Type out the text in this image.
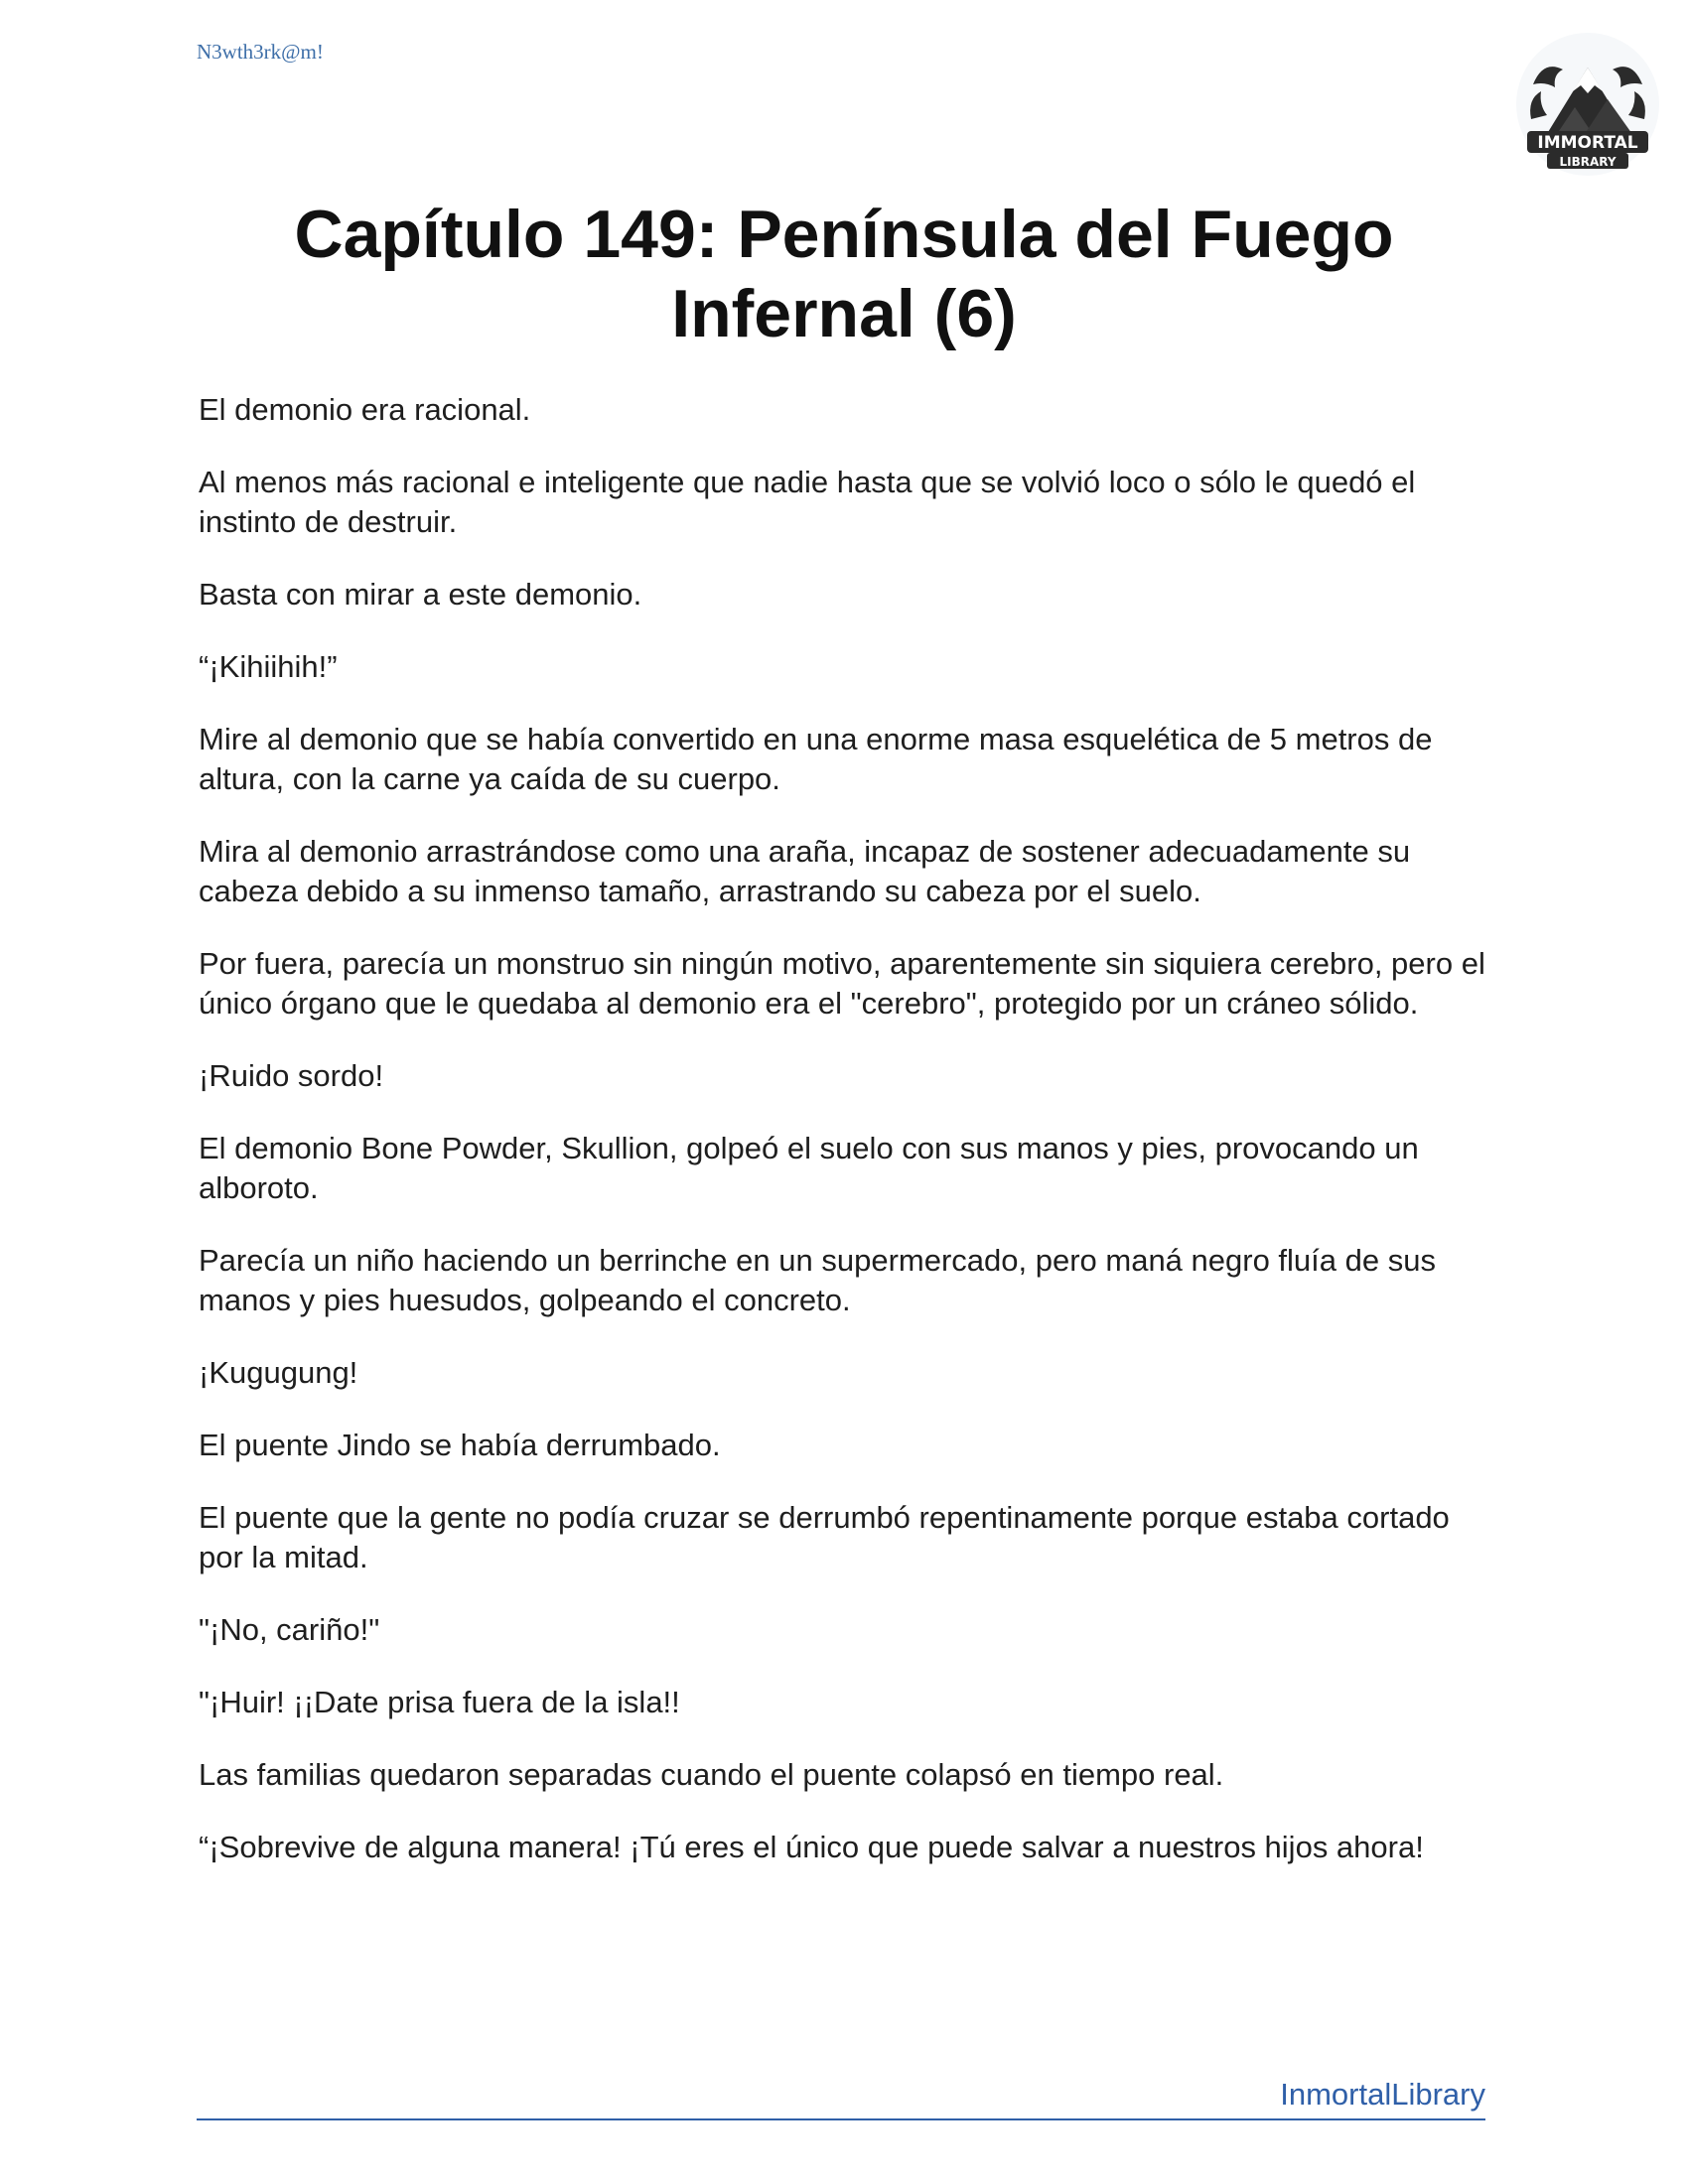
N3wth3rk@m!
IMMORTAL
LIBRARY
Capítulo 149: Península del Fuego
Infernal (6)

El demonio era racional.

Al menos más racional e inteligente que nadie hasta que se volvió loco o sólo le quedó el instinto de destruir.

Basta con mirar a este demonio.

“¡Kihiihih!”

Mire al demonio que se había convertido en una enorme masa esquelética de 5 metros de altura, con la carne ya caída de su cuerpo.

Mira al demonio arrastrándose como una araña, incapaz de sostener adecuadamente su cabeza debido a su inmenso tamaño, arrastrando su cabeza por el suelo.

Por fuera, parecía un monstruo sin ningún motivo, aparentemente sin siquiera cerebro, pero el único órgano que le quedaba al demonio era el "cerebro", protegido por un cráneo sólido.

¡Ruido sordo!

El demonio Bone Powder, Skullion, golpeó el suelo con sus manos y pies, provocando un alboroto.

Parecía un niño haciendo un berrinche en un supermercado, pero maná negro fluía de sus manos y pies huesudos, golpeando el concreto.

¡Kugugung!

El puente Jindo se había derrumbado.

El puente que la gente no podía cruzar se derrumbó repentinamente porque estaba cortado por la mitad.

"¡No, cariño!"

"¡Huir! ¡¡Date prisa fuera de la isla!!

Las familias quedaron separadas cuando el puente colapsó en tiempo real.

“¡Sobrevive de alguna manera! ¡Tú eres el único que puede salvar a nuestros hijos ahora!

InmortalLibrary
